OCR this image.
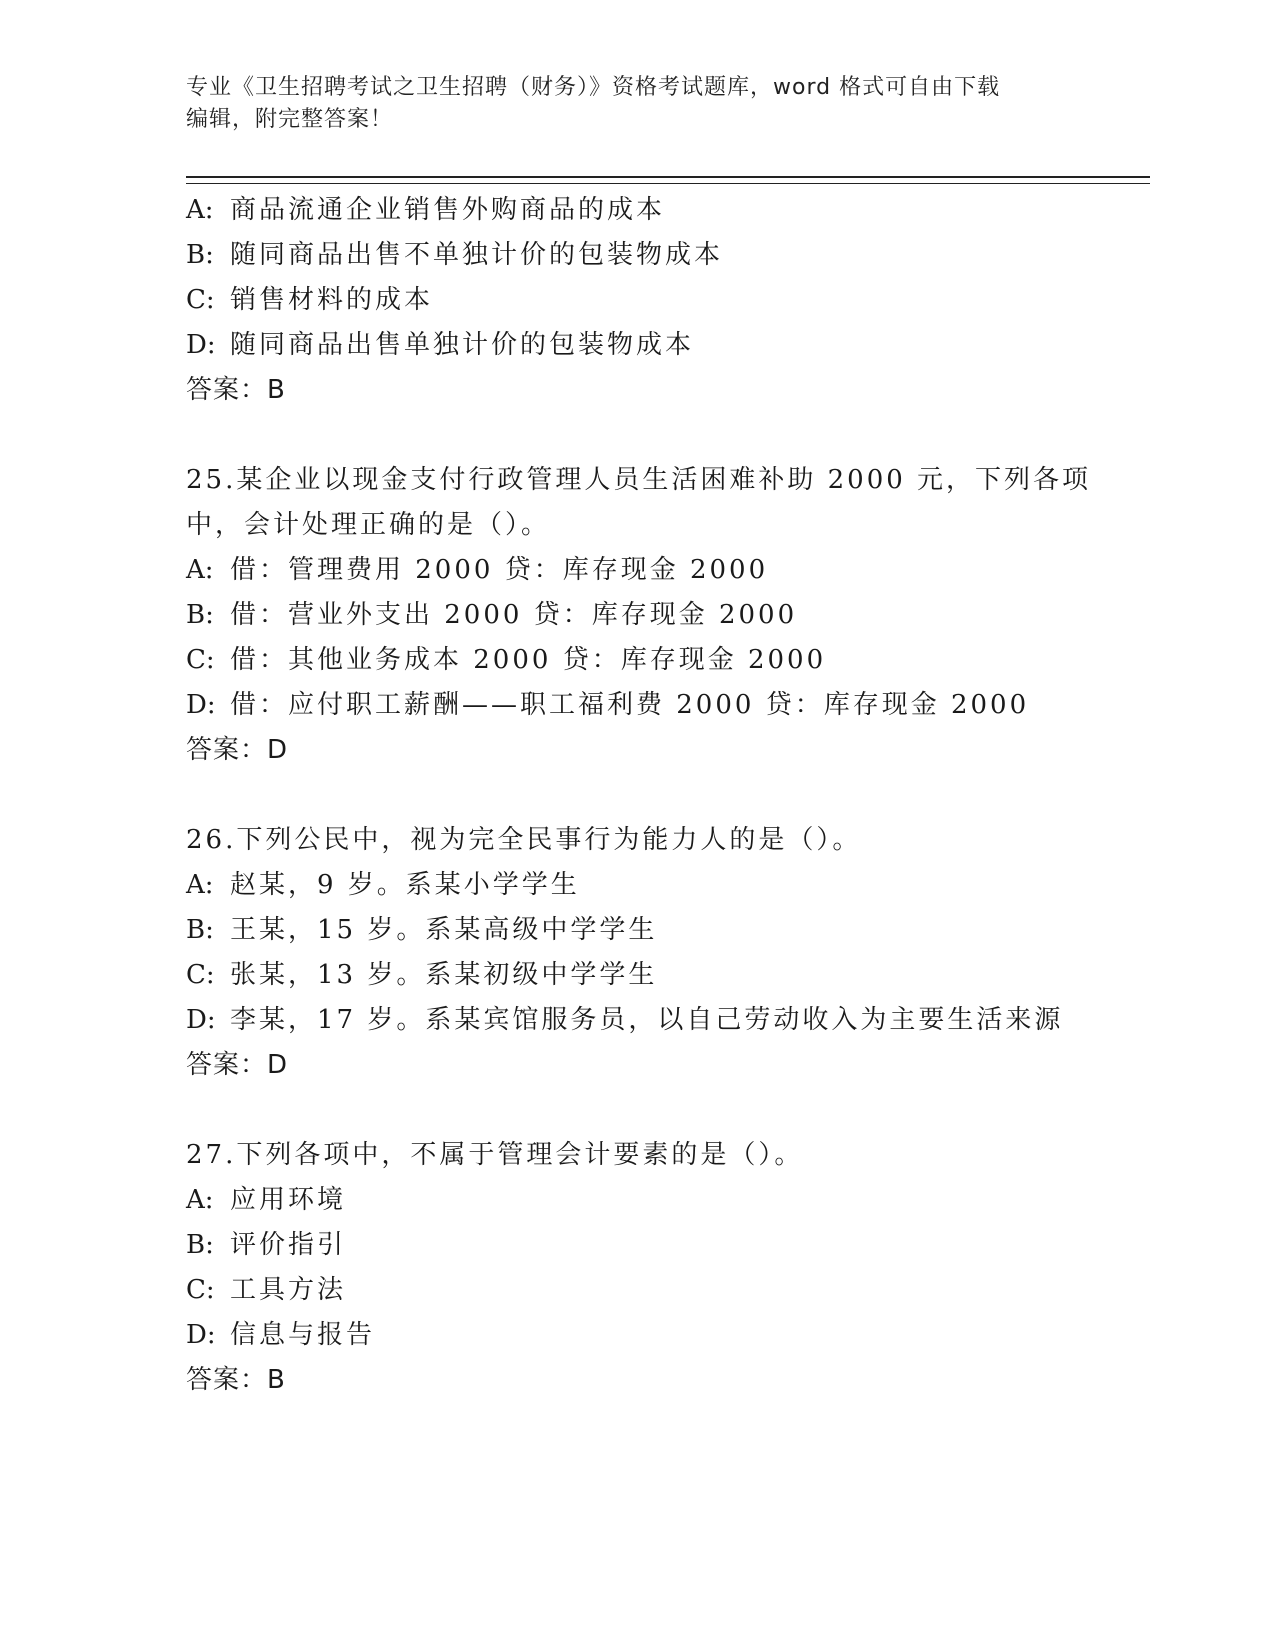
专业《卫生招聘考试之卫生招聘（财务）》资格考试题库，word 格式可自由下载
编辑，附完整答案！
A: 商品流通企业销售外购商品的成本
B: 随同商品出售不单独计价的包装物成本
C: 销售材料的成本
D: 随同商品出售单独计价的包装物成本
答案：B
25.某企业以现金支付行政管理人员生活困难补助 2000 元，下列各项
中，会计处理正确的是（）。
A: 借：管理费用 2000 贷：库存现金 2000
B: 借：营业外支出 2000 贷：库存现金 2000
C: 借：其他业务成本 2000 贷：库存现金 2000
D: 借：应付职工薪酬——职工福利费 2000 贷：库存现金 2000
答案：D
26.下列公民中，视为完全民事行为能力人的是（）。
A: 赵某，9 岁。系某小学学生
B: 王某，15 岁。系某高级中学学生
C: 张某，13 岁。系某初级中学学生
D: 李某，17 岁。系某宾馆服务员，以自己劳动收入为主要生活来源
答案：D
27.下列各项中，不属于管理会计要素的是（）。
A: 应用环境
B: 评价指引
C: 工具方法
D: 信息与报告
答案：B
